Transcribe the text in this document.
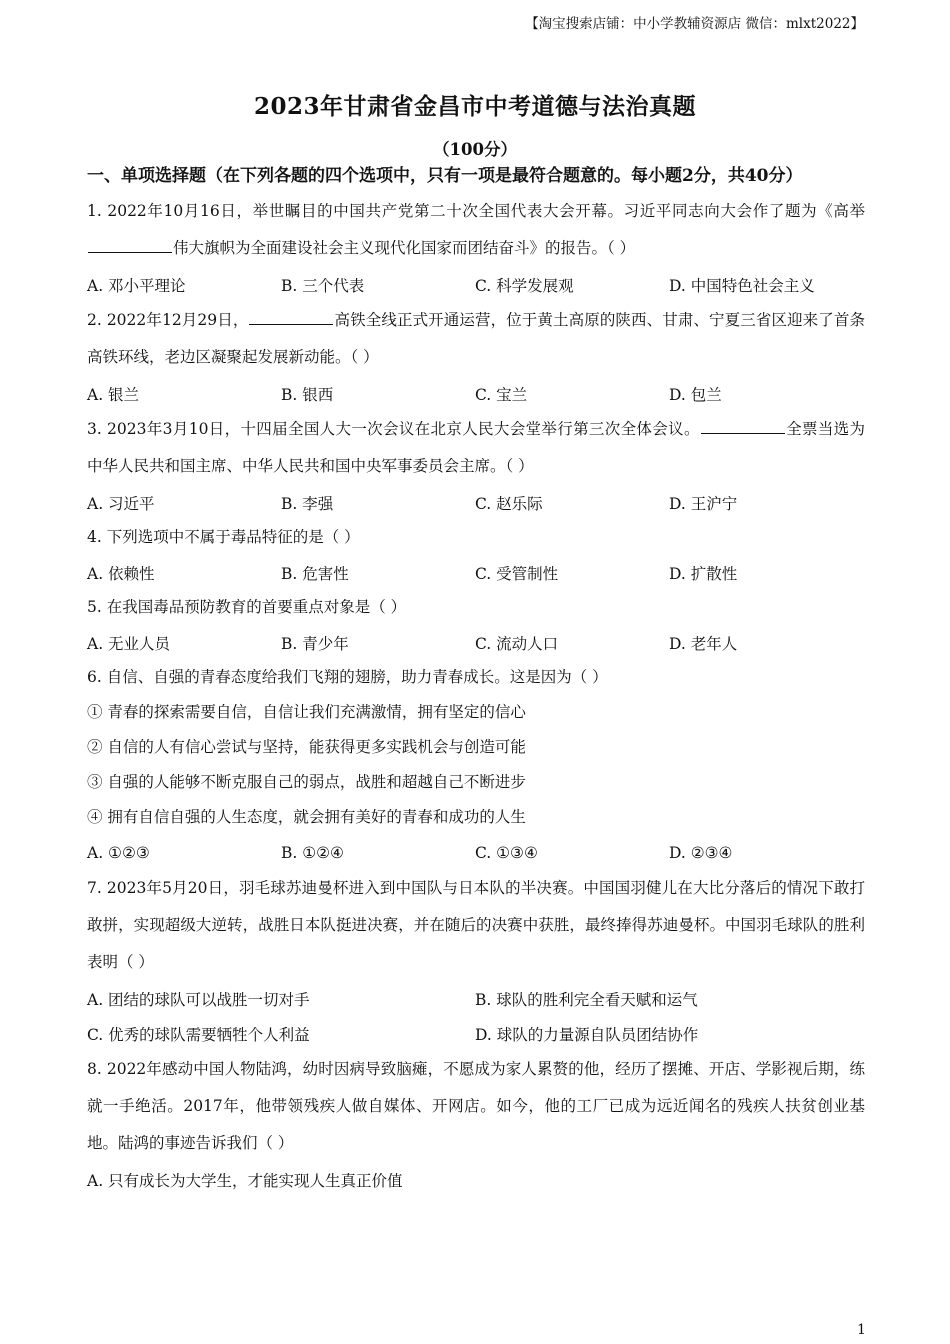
【淘宝搜索店铺：中小学教辅资源店 微信：mlxt2022】
2023年甘肃省金昌市中考道德与法治真题
（100分）
一、单项选择题（在下列各题的四个选项中，只有一项是最符合题意的。每小题2分，共40分）
1. 2022年10月16日，举世瞩目的中国共产党第二十次全国代表大会开幕。习近平同志向大会作了题为《高举伟大旗帜为全面建设社会主义现代化国家而团结奋斗》的报告。（ ）
A. 邓小平理论	B. 三个代表	C. 科学发展观	D. 中国特色社会主义
2. 2022年12月29日，	高铁全线正式开通运营，位于黄土高原的陕西、甘肃、宁夏三省区迎来了首条高铁环线，老边区凝聚起发展新动能。（ ）
A. 银兰	B. 银西	C. 宝兰	D. 包兰
3. 2023年3月10日，十四届全国人大一次会议在北京人民大会堂举行第三次全体会议。	全票当选为中华人民共和国主席、中华人民共和国中央军事委员会主席。（ ）
A. 习近平	B. 李强	C. 赵乐际	D. 王沪宁
4. 下列选项中不属于毒品特征的是（ ）
A. 依赖性	B. 危害性	C. 受管制性	D. 扩散性
5. 在我国毒品预防教育的首要重点对象是（ ）
A. 无业人员	B. 青少年	C. 流动人口	D. 老年人
6. 自信、自强的青春态度给我们飞翔的翅膀，助力青春成长。这是因为（ ）
① 青春的探索需要自信，自信让我们充满激情，拥有坚定的信心
② 自信的人有信心尝试与坚持，能获得更多实践机会与创造可能
③ 自强的人能够不断克服自己的弱点，战胜和超越自己不断进步
④ 拥有自信自强的人生态度，就会拥有美好的青春和成功的人生
A. ①②③	B. ①②④	C. ①③④	D. ②③④
7. 2023年5月20日，羽毛球苏迪曼杯进入到中国队与日本队的半决赛。中国国羽健儿在大比分落后的情况下敢打敢拼，实现超级大逆转，战胜日本队挺进决赛，并在随后的决赛中获胜，最终捧得苏迪曼杯。中国羽毛球队的胜利表明（ ）
A. 团结的球队可以战胜一切对手	B. 球队的胜利完全看天赋和运气
C. 优秀的球队需要牺牲个人利益	D. 球队的力量源自队员团结协作
8. 2022年感动中国人物陆鸿，幼时因病导致脑瘫，不愿成为家人累赘的他，经历了摆摊、开店、学影视后期，练就一手绝活。2017年，他带领残疾人做自媒体、开网店。如今，他的工厂已成为远近闻名的残疾人扶贫创业基地。陆鸿的事迹告诉我们（ ）
A. 只有成长为大学生，才能实现人生真正价值
1
